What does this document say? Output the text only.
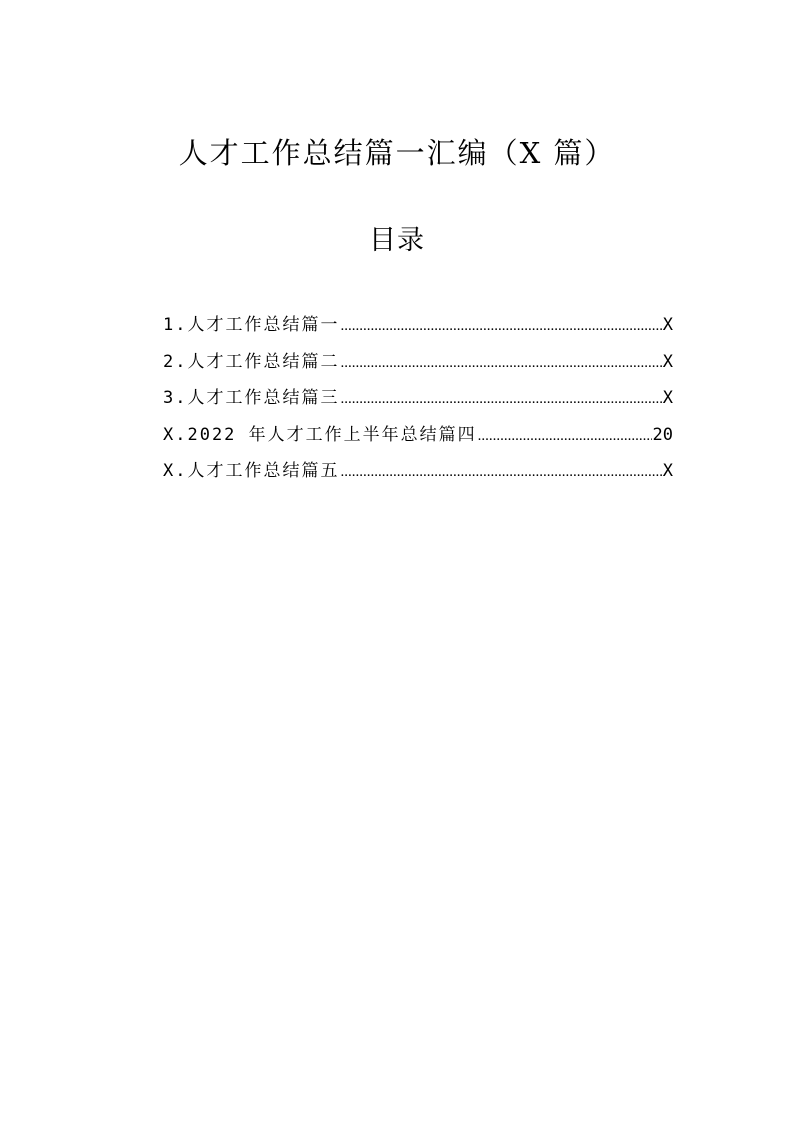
人才工作总结篇一汇编（X 篇）
目录
1.人才工作总结篇一 .....	X
2.人才工作总结篇二 .....	X
3.人才工作总结篇三 .....	X
X.2022 年人才工作上半年总结篇四 .....	20
X.人才工作总结篇五 .....	X
